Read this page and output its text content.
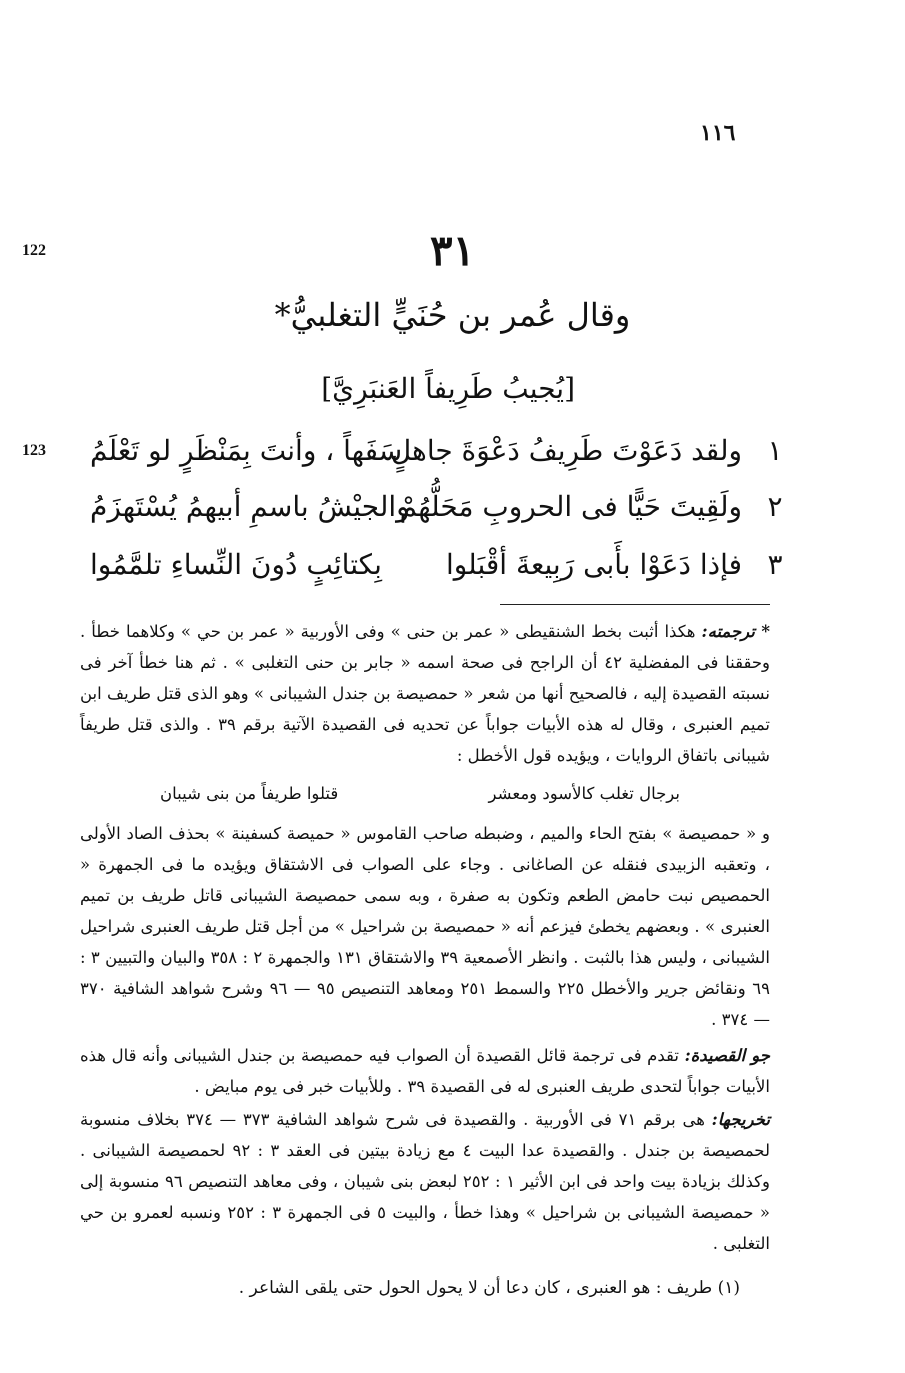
١١٦
122
123
٣١
وقال عُمر بن حُنَيٍّ التغلبيُّ*
[يُجيبُ طَرِيفاً العَنبَرِيَّ]
١
ولقد دَعَوْتَ طَرِيفُ دَعْوَةَ جاهلٍ
سَفَهاً ، وأنتَ بِمَنْظَرٍ لو تَعْلَمُ
٢
ولَقِيتَ حَيًّا فى الحروبِ مَحَلُّهُمْ
والجيْشُ باسمِ أبيهمُ يُسْتَهزَمُ
٣
فإذا دَعَوْا بأَبى رَبِيعةَ أقْبَلوا
بِكتائِبٍ دُونَ النِّساءِ تلمَّمُوا

* ترجمته: هكذا أثبت بخط الشنقيطى « عمر بن حنى » وفى الأوربية « عمر بن حي » وكلاهما خطأ . وحققنا فى المفضلية ٤٢ أن الراجح فى صحة اسمه « جابر بن حنى التغلبى » . ثم هنا خطأ آخر فى نسبته القصيدة إليه ، فالصحيح أنها من شعر « حمصيصة بن جندل الشيبانى » وهو الذى قتل طريف ابن تميم العنبرى ، وقال له هذه الأبيات جواباً عن تحديه فى القصيدة الآتية برقم ٣٩ . والذى قتل طريفاً شيبانى باتفاق الروايات ، ويؤيده قول الأخطل :

برجال تغلب كالأسود ومعشر
قتلوا طريفاً من بنى شيبان

و « حمصيصة » بفتح الحاء والميم ، وضبطه صاحب القاموس « حميصة كسفينة » بحذف الصاد الأولى ، وتعقبه الزبيدى فنقله عن الصاغانى . وجاء على الصواب فى الاشتقاق ويؤيده ما فى الجمهرة « الحمصيص نبت حامض الطعم وتكون به صفرة ، وبه سمى حمصيصة الشيبانى قاتل طريف بن تميم العنبرى » . وبعضهم يخطئ فيزعم أنه « حمصيصة بن شراحيل » من أجل قتل طريف العنبرى شراحيل الشيبانى ، وليس هذا بالثبت . وانظر الأصمعية ٣٩ والاشتقاق ١٣١ والجمهرة ٢ : ٣٥٨ والبيان والتبيين ٣ : ٦٩ ونقائض جرير والأخطل ٢٢٥ والسمط ٢٥١ ومعاهد التنصيص ٩٥ — ٩٦ وشرح شواهد الشافية ٣٧٠ — ٣٧٤ .

جو القصيدة: تقدم فى ترجمة قائل القصيدة أن الصواب فيه حمصيصة بن جندل الشيبانى وأنه قال هذه الأبيات جواباً لتحدى طريف العنبرى له فى القصيدة ٣٩ . وللأبيات خبر فى يوم مبايض .

تخريجها: هى برقم ٧١ فى الأوربية . والقصيدة فى شرح شواهد الشافية ٣٧٣ — ٣٧٤ بخلاف منسوبة لحمصيصة بن جندل . والقصيدة عدا البيت ٤ مع زيادة بيتين فى العقد ٣ : ٩٢ لحمصيصة الشيبانى . وكذلك بزيادة بيت واحد فى ابن الأثير ١ : ٢٥٢ لبعض بنى شيبان ، وفى معاهد التنصيص ٩٦ منسوبة إلى « حمصيصة الشيبانى بن شراحيل » وهذا خطأ ، والبيت ٥ فى الجمهرة ٣ : ٢٥٢ ونسبه لعمرو بن حي التغلبى .

(١) طريف : هو العنبرى ، كان دعا أن لا يحول الحول حتى يلقى الشاعر .
